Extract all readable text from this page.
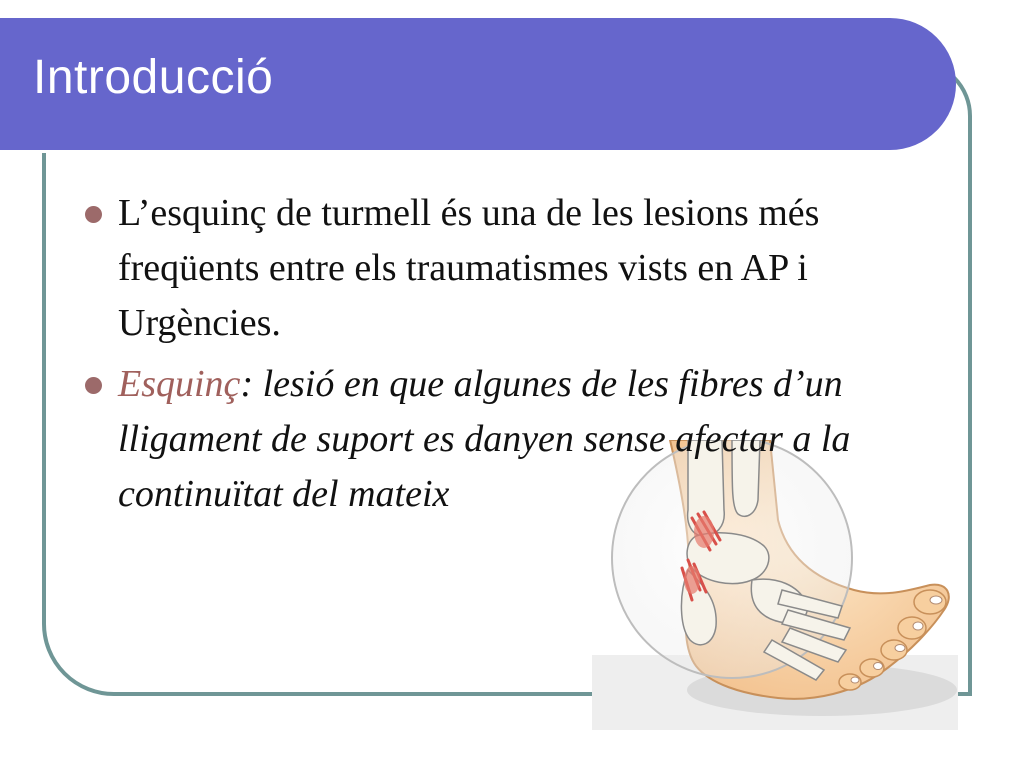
Introducció
L’esquinç de turmell és una de les lesions més freqüents entre els traumatismes vists en AP i Urgències.
Esquinç: lesió en que algunes de les fibres d’un lligament de suport es danyen sense afectar a la continuïtat del mateix
